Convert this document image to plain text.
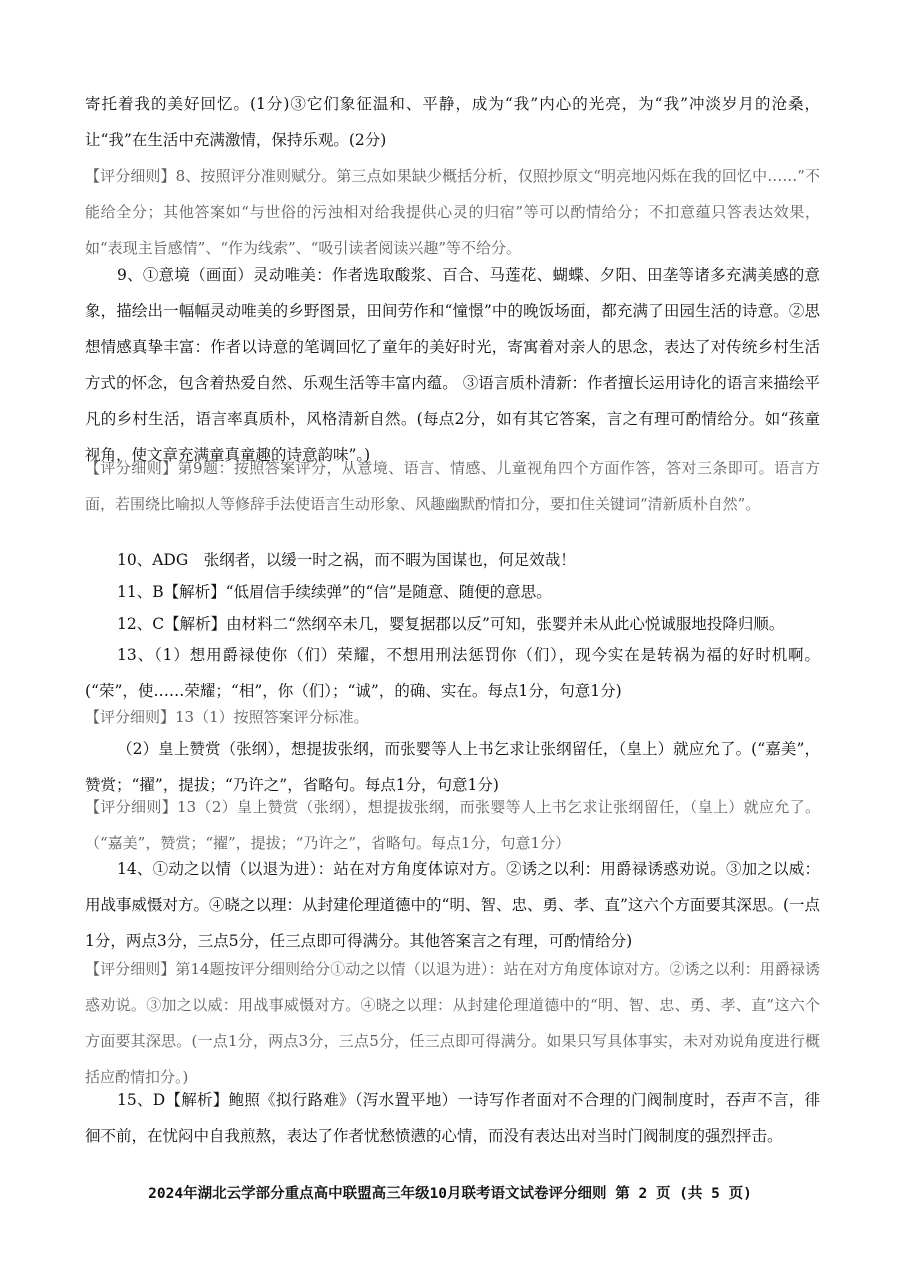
寄托着我的美好回忆。(1分)③它们象征温和、平静，成为“我”内心的光亮，为“我”冲淡岁月的沧桑，让“我”在生活中充满激情，保持乐观。(2分)

【评分细则】8、按照评分准则赋分。第三点如果缺少概括分析，仅照抄原文“明亮地闪烁在我的回忆中……”不能给全分；其他答案如“与世俗的污浊相对给我提供心灵的归宿”等可以酌情给分；不扣意蕴只答表达效果，如“表现主旨感情”、“作为线索”、“吸引读者阅读兴趣”等不给分。

9、①意境（画面）灵动唯美：作者选取酸浆、百合、马莲花、蝴蝶、夕阳、田垄等诸多充满美感的意象，描绘出一幅幅灵动唯美的乡野图景，田间劳作和“憧憬”中的晚饭场面，都充满了田园生活的诗意。②思想情感真挚丰富：作者以诗意的笔调回忆了童年的美好时光，寄寓着对亲人的思念，表达了对传统乡村生活方式的怀念，包含着热爱自然、乐观生活等丰富内蕴。 ③语言质朴清新：作者擅长运用诗化的语言来描绘平凡的乡村生活，语言率真质朴，风格清新自然。(每点2分，如有其它答案，言之有理可酌情给分。如“孩童视角，使文章充满童真童趣的诗意韵味”。)

【评分细则】第9题：按照答案评分，从意境、语言、情感、儿童视角四个方面作答，答对三条即可。语言方面，若围绕比喻拟人等修辞手法使语言生动形象、风趣幽默酌情扣分，要扣住关键词“清新质朴自然”。

10、ADG　张纲者，以缓一时之祸，而不暇为国谋也，何足效哉！

11、B【解析】“低眉信手续续弹”的“信”是随意、随便的意思。

12、C【解析】由材料二“然纲卒未几，婴复据郡以反”可知，张婴并未从此心悦诚服地投降归顺。

13、（1）想用爵禄使你（们）荣耀，不想用刑法惩罚你（们），现今实在是转祸为福的好时机啊。(“荣”，使……荣耀；“相”，你（们）；“诚”，的确、实在。每点1分，句意1分)

【评分细则】13（1）按照答案评分标准。

（2）皇上赞赏（张纲），想提拔张纲，而张婴等人上书乞求让张纲留任，（皇上）就应允了。(“嘉美”，赞赏；“擢”，提拔；“乃许之”，省略句。每点1分，句意1分)

【评分细则】13（2）皇上赞赏（张纲），想提拔张纲，而张婴等人上书乞求让张纲留任，（皇上）就应允了。（“嘉美”，赞赏；“擢”，提拔；“乃许之”，省略句。每点1分，句意1分）

14、①动之以情（以退为进）：站在对方角度体谅对方。②诱之以利：用爵禄诱惑劝说。③加之以威：用战事威慑对方。④晓之以理：从封建伦理道德中的“明、智、忠、勇、孝、直”这六个方面要其深思。(一点1分，两点3分，三点5分，任三点即可得满分。其他答案言之有理，可酌情给分)

【评分细则】第14题按评分细则给分①动之以情（以退为进）：站在对方角度体谅对方。②诱之以利：用爵禄诱惑劝说。③加之以威：用战事威慑对方。④晓之以理：从封建伦理道德中的“明、智、忠、勇、孝、直”这六个方面要其深思。(一点1分，两点3分，三点5分，任三点即可得满分。如果只写具体事实，未对劝说角度进行概括应酌情扣分。)

15、D【解析】鲍照《拟行路难》（泻水置平地）一诗写作者面对不合理的门阀制度时，吞声不言，徘徊不前，在忧闷中自我煎熬，表达了作者忧愁愤懑的心情，而没有表达出对当时门阀制度的强烈抨击。

2024年湖北云学部分重点高中联盟高三年级10月联考语文试卷评分细则 第 2 页 (共 5 页)
